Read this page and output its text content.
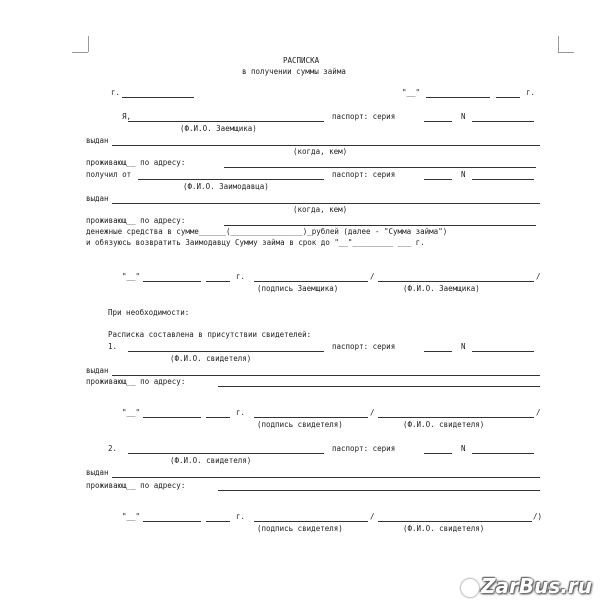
РАСПИСКА
в получении суммы займа
г.	"__"	г.
Я,	паспорт: серия	N
(Ф.И.О. Заемщика)
выдан
(когда, кем)
проживающ__ по адресу:
получил от	паспорт: серия	N
(Ф.И.О. Заимодавца)
выдан
(когда, кем)
проживающ__ по адресу:
денежные средства в сумме______(________________)_рублей (далее - "Сумма займа")
и обязуюсь возвратить Заимодавцу Сумму займа в срок до "__"_________ ___ г.
"__"	г.	/	/
(подпись Заемщика)	(Ф.И.О. Заемщика)
При необходимости:
Расписка составлена в присутствии свидетелей:
1.	паспорт: серия	N
(Ф.И.О. свидетеля)
выдан
проживающ__ по адресу:
"__"	г.	/	/
(подпись свидетеля)	(Ф.И.О. свидетеля)
2.	паспорт: серия	N
(Ф.И.О. свидетеля)
выдан
проживающ__ по адресу:
"__"	г.	/	/)
(подпись свидетеля)	(Ф.И.О. свидетеля)
ZarBus.ru
